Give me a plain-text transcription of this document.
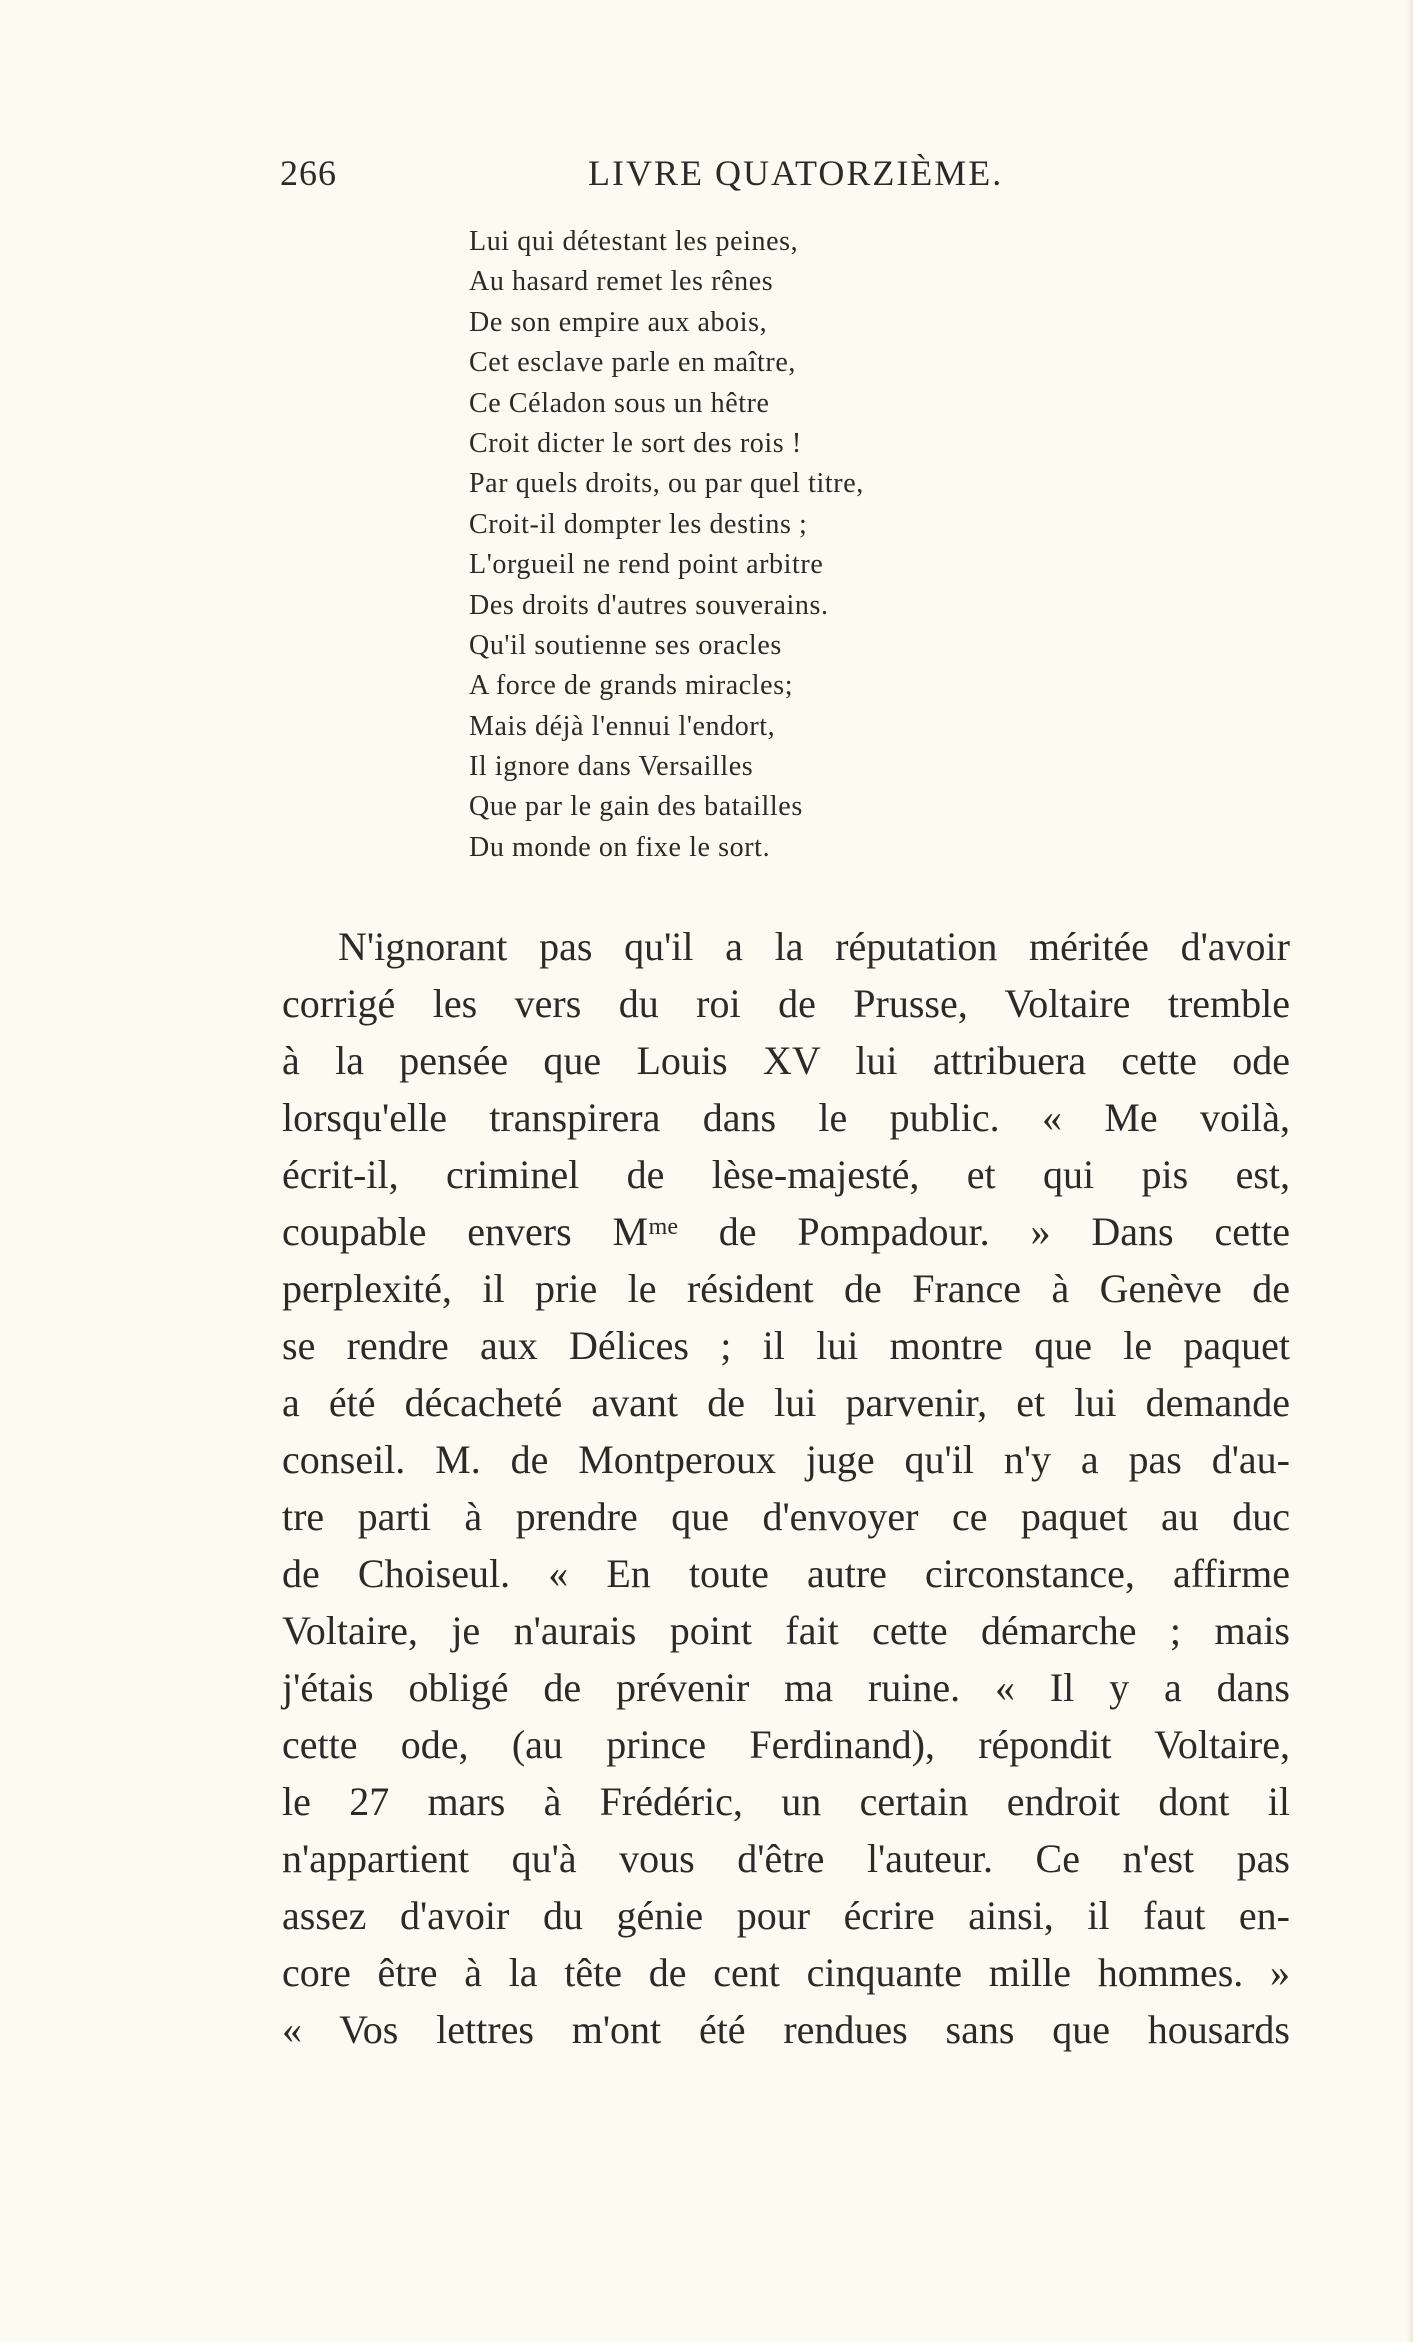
266	LIVRE QUATORZIÈME.
Lui qui détestant les peines,
Au hasard remet les rênes
De son empire aux abois,
Cet esclave parle en maître,
Ce Céladon sous un hêtre
Croit dicter le sort des rois !
Par quels droits, ou par quel titre,
Croit-il dompter les destins ;
L'orgueil ne rend point arbitre
Des droits d'autres souverains.
Qu'il soutienne ses oracles
A force de grands miracles;
Mais déjà l'ennui l'endort,
Il ignore dans Versailles
Que par le gain des batailles
Du monde on fixe le sort.
N'ignorant pas qu'il a la réputation méritée d'avoir
corrigé les vers du roi de Prusse, Voltaire tremble
à la pensée que Louis XV lui attribuera cette ode
lorsqu'elle transpirera dans le public. « Me voilà,
écrit-il, criminel de lèse-majesté, et qui pis est,
coupable envers Mᵐᵉ de Pompadour. » Dans cette
perplexité, il prie le résident de France à Genève de
se rendre aux Délices ; il lui montre que le paquet
a été décacheté avant de lui parvenir, et lui demande
conseil. M. de Montperoux juge qu'il n'y a pas d'au-
tre parti à prendre que d'envoyer ce paquet au duc
de Choiseul. « En toute autre circonstance, affirme
Voltaire, je n'aurais point fait cette démarche ; mais
j'étais obligé de prévenir ma ruine. « Il y a dans
cette ode, (au prince Ferdinand), répondit Voltaire,
le 27 mars à Frédéric, un certain endroit dont il
n'appartient qu'à vous d'être l'auteur. Ce n'est pas
assez d'avoir du génie pour écrire ainsi, il faut en-
core être à la tête de cent cinquante mille hommes. »
« Vos lettres m'ont été rendues sans que housards
